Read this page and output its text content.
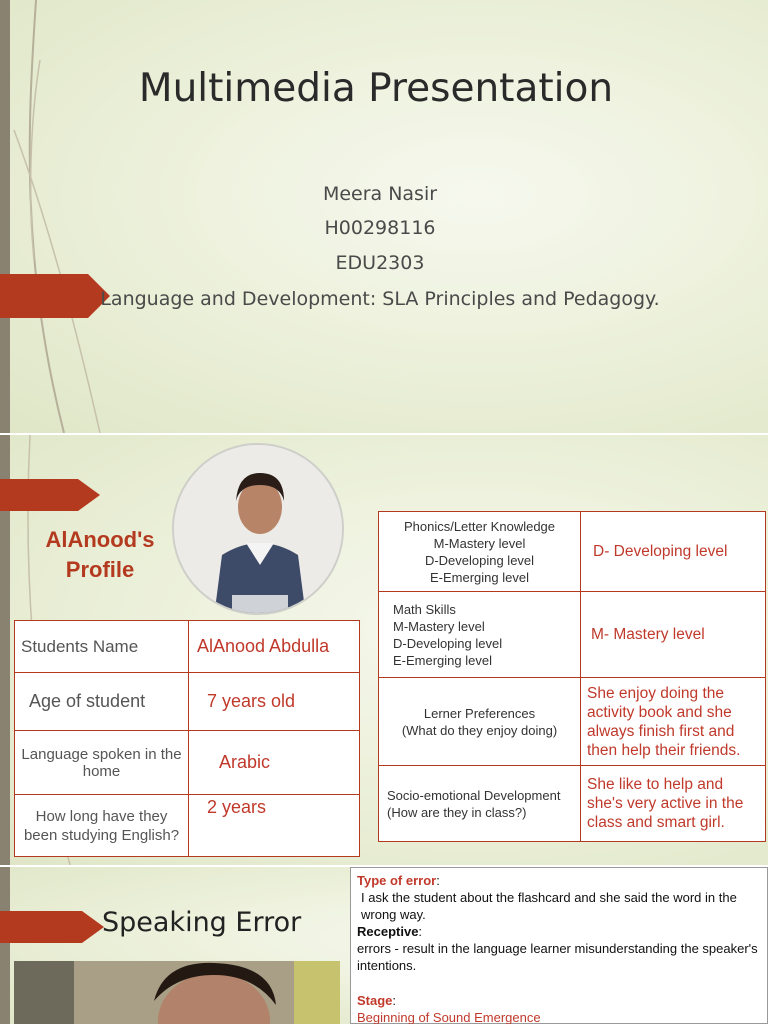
Multimedia Presentation
Meera Nasir
H00298116
EDU2303
Language and Development: SLA Principles and Pedagogy.
AlAnood's Profile
Students Name	AlAnood Abdulla
Age of student	7 years old
Language spoken in the home	Arabic
How long have they been studying English?	2 years
Phonics/Letter Knowledge
M-Mastery level
D-Developing level
E-Emerging level	D- Developing level
Math Skills
M-Mastery level
D-Developing level
E-Emerging level	M- Mastery level
Lerner Preferences
(What do they enjoy doing)	She enjoy doing the activity book and she always finish first and then help their friends.
Socio-emotional Development (How are they in class?)	She like to help and she's very active in the class and smart girl.
Speaking Error
Type of error:
I ask the student about the flashcard and she said the word in the wrong way.
Receptive:
errors - result in the language learner misunderstanding the speaker's intentions.
Stage:
Beginning of Sound Emergence
